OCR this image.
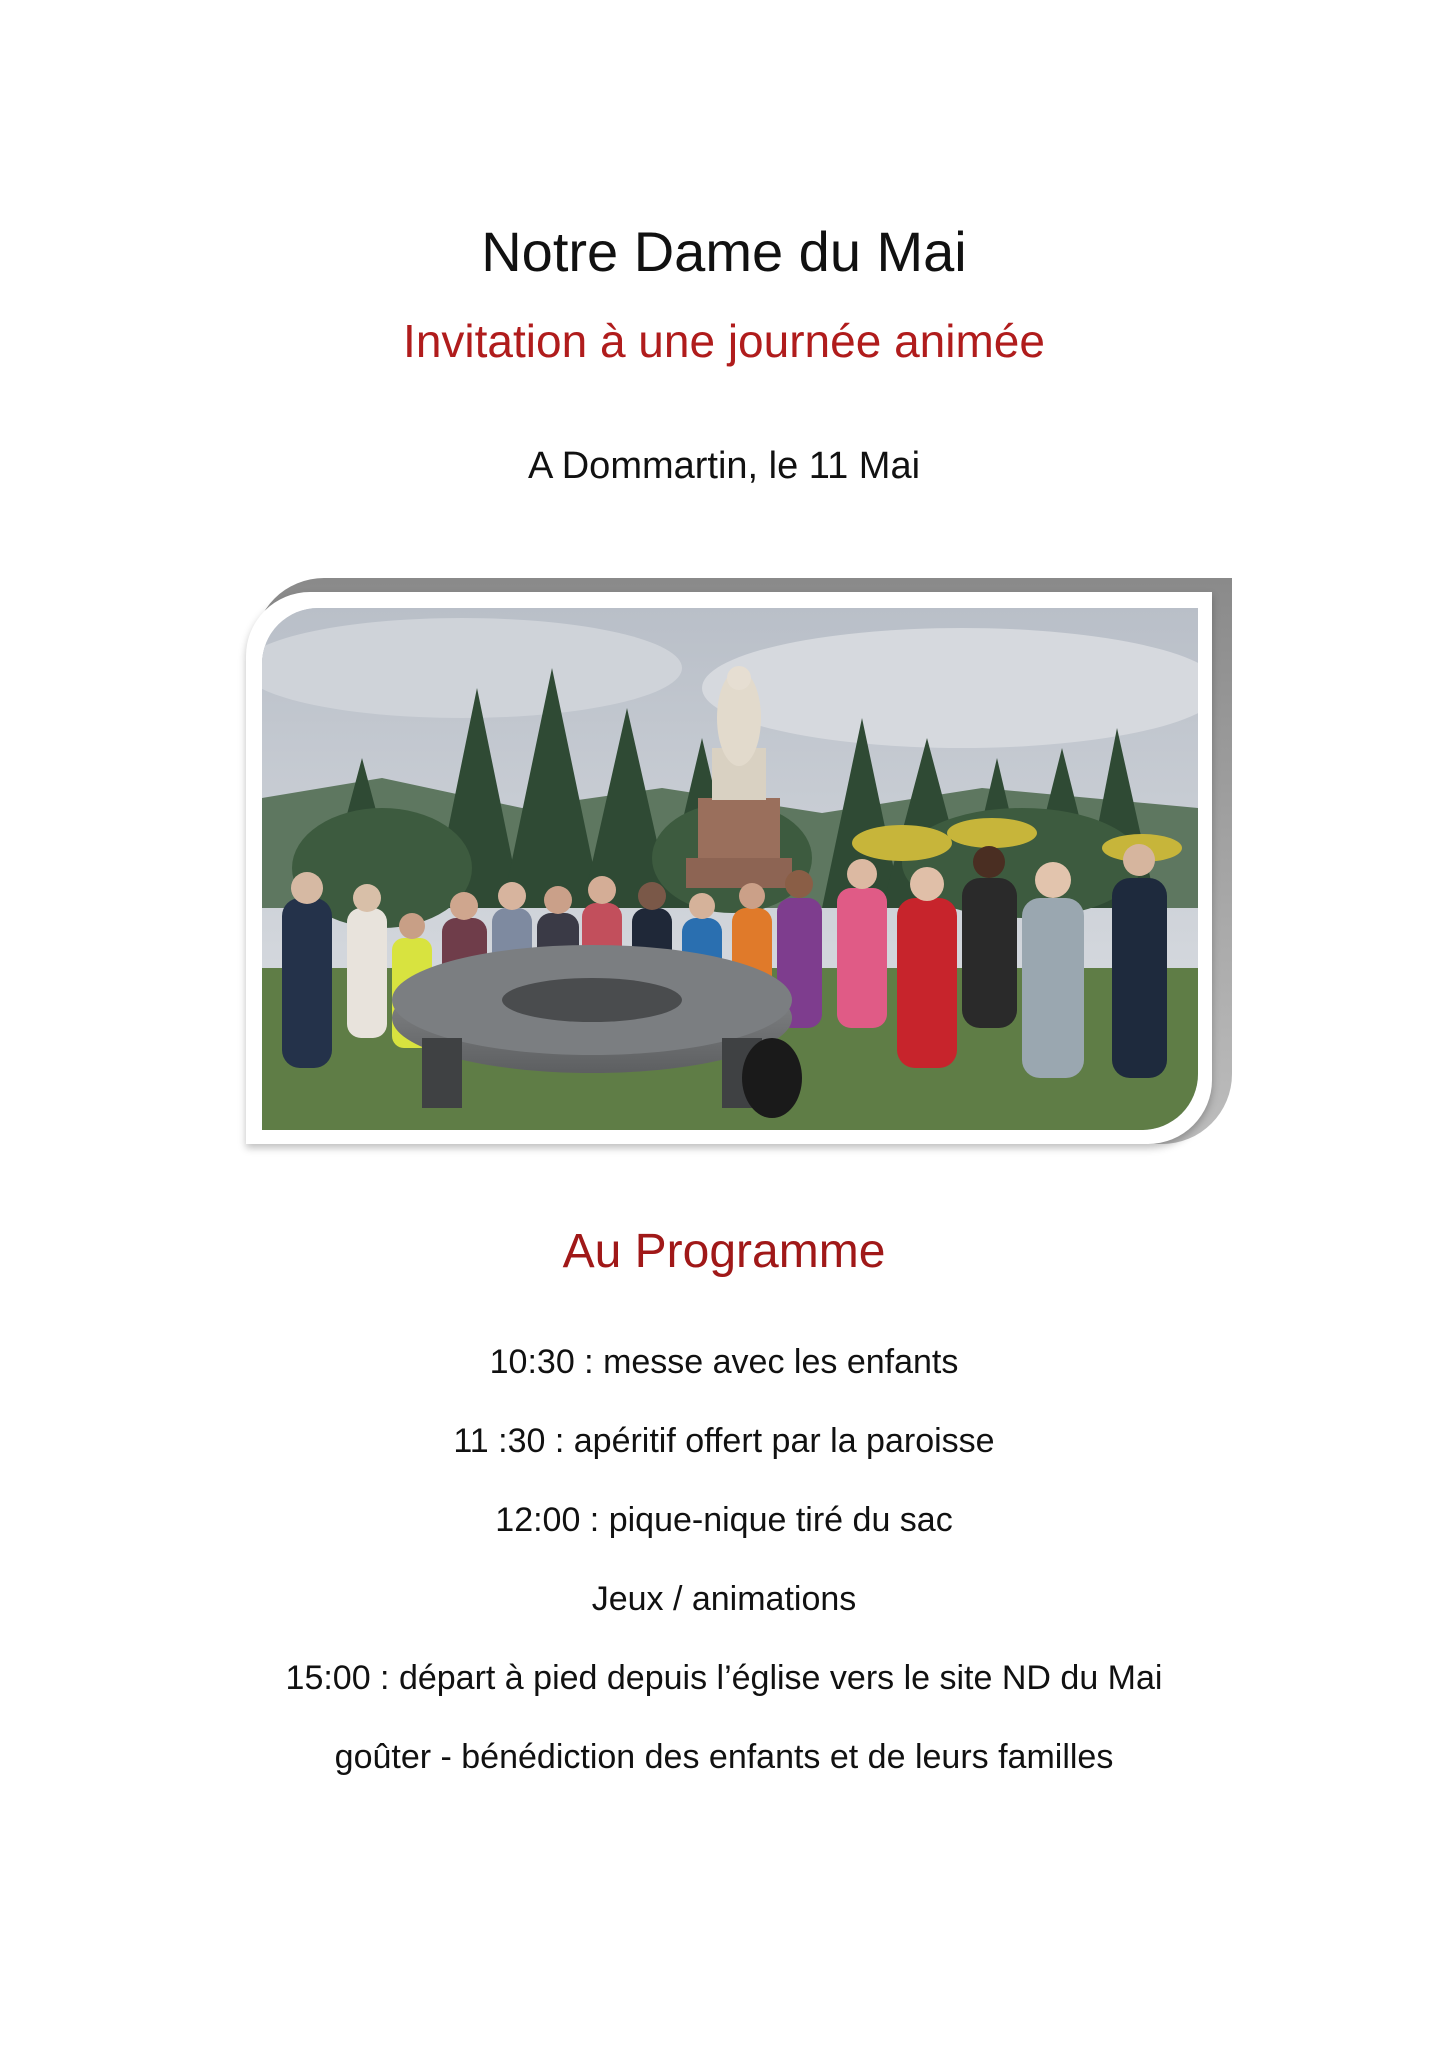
Notre Dame du Mai
Invitation à une journée animée
A Dommartin, le 11 Mai
Au Programme
10:30 : messe avec les enfants
11 :30 : apéritif offert par la paroisse
12:00 : pique-nique tiré du sac
Jeux / animations
15:00 : départ à pied depuis l’église vers le site ND du Mai
goûter - bénédiction des enfants et de leurs familles
